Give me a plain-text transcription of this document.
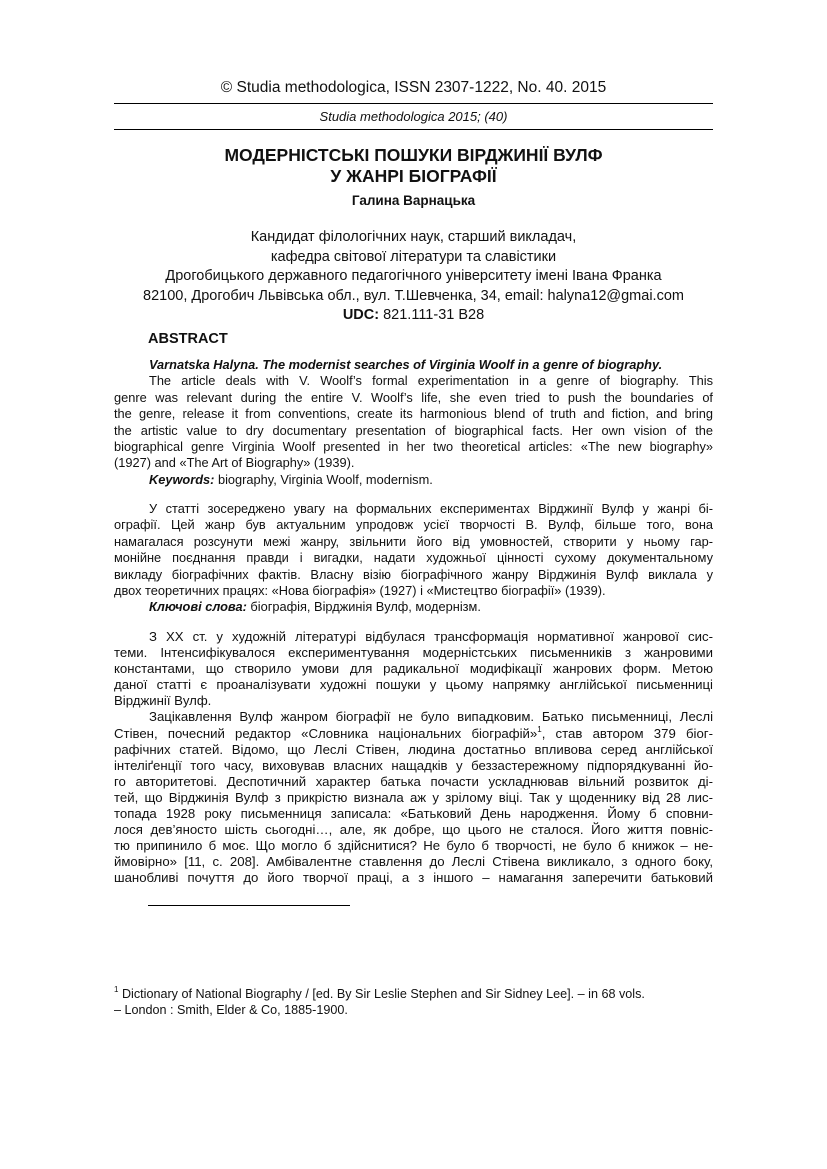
© Studia methodologica, ISSN 2307-1222, No. 40. 2015
Studia methodologica 2015; (40)
МОДЕРНІСТСЬКІ ПОШУКИ ВІРДЖИНІЇ ВУЛФ
У ЖАНРІ БІОГРАФІЇ
Галина Варнацька
Кандидат філологічних наук, старший викладач,
кафедра світової літератури та славістики
Дрогобицького державного педагогічного університету імені Івана Франка
82100, Дрогобич Львівська обл., вул. Т.Шевченка, 34, email: halyna12@gmai.com
UDC: 821.111-31 В28
ABSTRACT
Varnatska Halyna. The modernist searches of Virginia Woolf in a genre of biography.
The article deals with V. Woolf’s formal experimentation in a genre of biography. This
genre was relevant during the entire V. Woolf’s life, she even tried to push the boundaries of
the genre, release it from conventions, create its harmonious blend of truth and fiction, and bring
the artistic value to dry documentary presentation of biographical facts. Her own vision of the
biographical genre Virginia Woolf presented in her two theoretical articles: «The new biography»
(1927) and «The Art of Biography» (1939).
Keywords: biography, Virginia Woolf, modernism.
У статті зосереджено увагу на формальних експериментах Вірджинії Вулф у жанрі бі-
ографії. Цей жанр був актуальним упродовж усієї творчості В. Вулф, більше того, вона
намагалася розсунути межі жанру, звільнити його від умовностей, створити у ньому гар-
монійне поєднання правди і вигадки, надати художньої цінності сухому документальному
викладу біографічних фактів. Власну візію біографічного жанру Вірджинія Вулф виклала у
двох теоретичних працях: «Нова біографія» (1927) і «Мистецтво біографії» (1939).
Ключові слова: біографія, Вірджинія Вулф, модернізм.
З ХХ ст. у художній літературі відбулася трансформація нормативної жанрової сис-
теми. Інтенсифікувалося експериментування модерністських письменників з жанровими
константами, що створило умови для радикальної модифікації жанрових форм. Метою
даної статті є проаналізувати художні пошуки у цьому напрямку англійської письменниці
Вірджинії Вулф.
Зацікавлення Вулф жанром біографії не було випадковим. Батько письменниці, Леслі
Стівен, почесний редактор «Словника національних біографій»$^1$, став автором 379 біог-
рафічних статей. Відомо, що Леслі Стівен, людина достатньо впливова серед англійської
інтеліґенції того часу, виховував власних нащадків у беззастережному підпорядкуванні йо-
го авторитетові. Деспотичний характер батька почасти ускладнював вільний розвиток ді-
тей, що Вірджинія Вулф з прикрістю визнала аж у зрілому віці. Так у щоденнику від 28 лис-
топада 1928 року письменниця записала: «Батьковий День народження. Йому б сповни-
лося дев’яносто шість сьогодні…, але, як добре, що цього не сталося. Його життя повніс-
тю припинило б моє. Що могло б здійснитися? Не було б творчості, не було б книжок – не-
ймовірно» [11, с. 208]. Амбівалентне ставлення до Леслі Стівена викликало, з одного боку,
шанобливі почуття до його творчої праці, а з іншого – намагання заперечити батьковий
$^1$ Dictionary of National Biography / [ed. By Sir Leslie Stephen and Sir Sidney Lee]. – in 68 vols.
– London : Smith, Elder & Co, 1885-1900.
